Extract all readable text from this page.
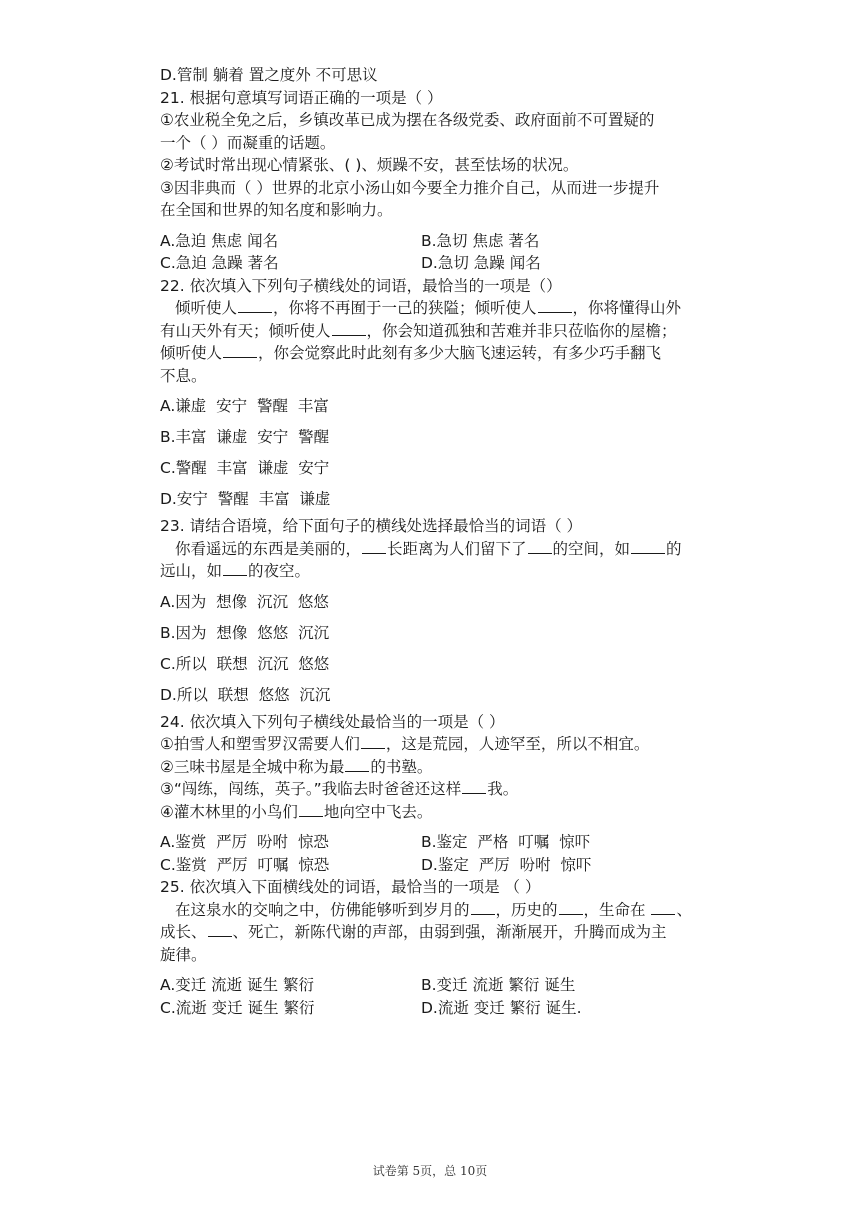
D.管制 躺着 置之度外 不可思议
21. 根据句意填写词语正确的一项是（ ）
①农业税全免之后，乡镇改革已成为摆在各级党委、政府面前不可置疑的
一个（ ）而凝重的话题。
②考试时常出现心情紧张、( )、烦躁不安，甚至怯场的状况。
③因非典而（ ）世界的北京小汤山如今要全力推介自己，从而进一步提升
在全国和世界的知名度和影响力。
A.急迫 焦虑 闻名	B.急切 焦虑 著名
C.急迫 急躁 著名	D.急切 急躁 闻名
22. 依次填入下列句子横线处的词语，最恰当的一项是（）
倾听使人 ，你将不再囿于一己的狭隘；倾听使人 ，你将懂得山外
有山天外有天；倾听使人 ，你会知道孤独和苦难并非只莅临你的屋檐；
倾听使人 ，你会觉察此时此刻有多少大脑飞速运转，有多少巧手翻飞
不息。
A.谦虚  安宁  警醒  丰富
B.丰富  谦虚  安宁  警醒
C.警醒  丰富  谦虚  安宁
D.安宁  警醒  丰富  谦虚
23. 请结合语境，给下面句子的横线处选择最恰当的词语（ ）
你看遥远的东西是美丽的， 长距离为人们留下了 的空间，如 的
远山，如 的夜空。
A.因为  想像  沉沉  悠悠
B.因为  想像  悠悠  沉沉
C.所以  联想  沉沉  悠悠
D.所以  联想  悠悠  沉沉
24. 依次填入下列句子横线处最恰当的一项是（ ）
①拍雪人和塑雪罗汉需要人们 ，这是荒园，人迹罕至，所以不相宜。
②三味书屋是全城中称为最 的书塾。
③“闯练，闯练，英子。”我临去时爸爸还这样 我。
④灌木林里的小鸟们 地向空中飞去。
A.鉴赏  严厉  吩咐  惊恐	B.鉴定  严格  叮嘱  惊吓
C.鉴赏  严厉  叮嘱  惊恐	D.鉴定  严厉  吩咐  惊吓
25. 依次填入下面横线处的词语，最恰当的一项是 （ ）
在这泉水的交响之中，仿佛能够听到岁月的 ，历史的 ，生命在 、
成长、 、死亡，新陈代谢的声部，由弱到强，渐渐展开，升腾而成为主
旋律。
A.变迁 流逝 诞生 繁衍	B.变迁 流逝 繁衍 诞生
C.流逝 变迁 诞生 繁衍	D.流逝 变迁 繁衍 诞生.
试卷第 5页，总 10页
